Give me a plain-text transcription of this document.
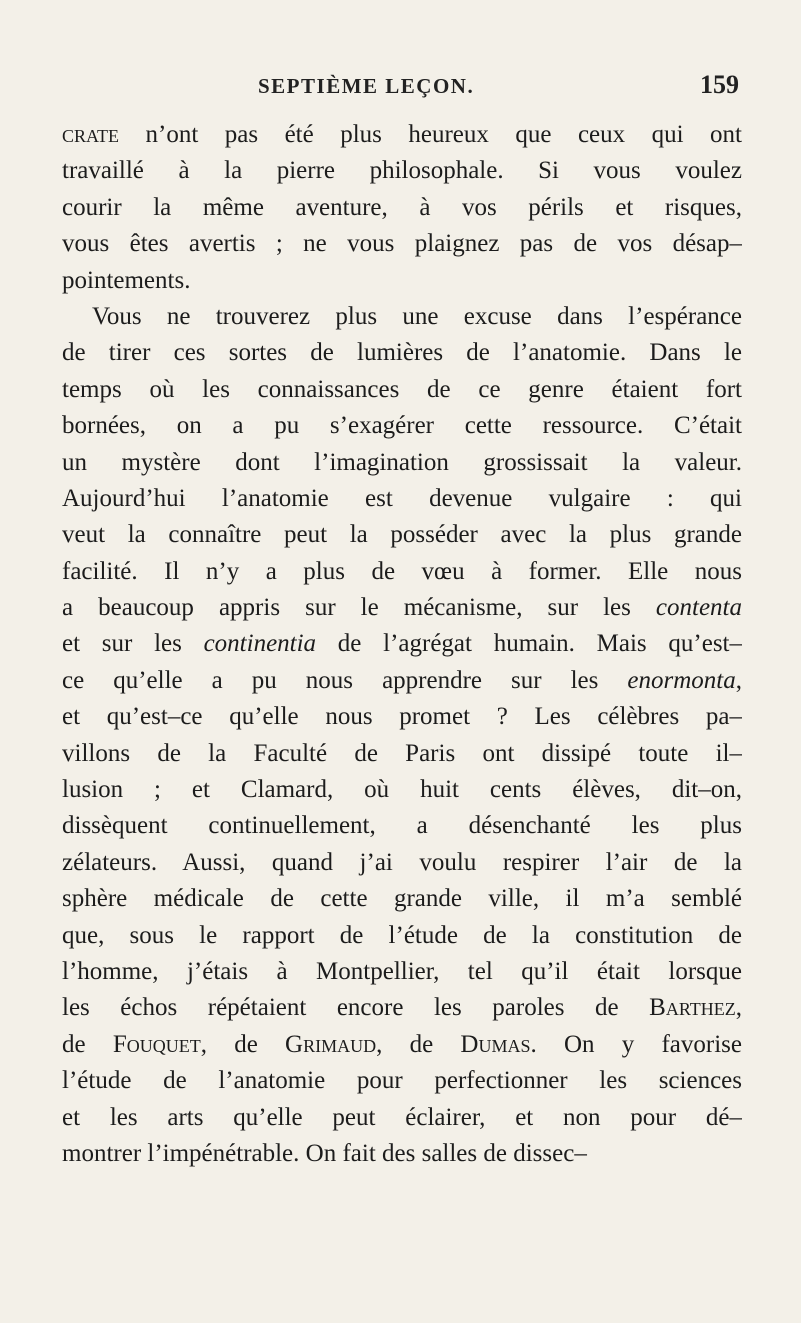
SEPTIÈME LEÇON.	159
crate n’ont pas été plus heureux que ceux qui ont
travaillé à la pierre philosophale. Si vous voulez
courir la même aventure, à vos périls et risques,
vous êtes avertis ; ne vous plaignez pas de vos désap–
pointements.
Vous ne trouverez plus une excuse dans l’espérance
de tirer ces sortes de lumières de l’anatomie. Dans le
temps où les connaissances de ce genre étaient fort
bornées, on a pu s’exagérer cette ressource. C’était
un mystère dont l’imagination grossissait la valeur.
Aujourd’hui l’anatomie est devenue vulgaire : qui
veut la connaître peut la posséder avec la plus grande
facilité. Il n’y a plus de vœu à former. Elle nous
a beaucoup appris sur le mécanisme, sur les contenta
et sur les continentia de l’agrégat humain. Mais qu’est–
ce qu’elle a pu nous apprendre sur les enormonta,
et qu’est–ce qu’elle nous promet ? Les célèbres pa–
villons de la Faculté de Paris ont dissipé toute il–
lusion ; et Clamard, où huit cents élèves, dit–on,
dissèquent continuellement, a désenchanté les plus
zélateurs. Aussi, quand j’ai voulu respirer l’air de la
sphère médicale de cette grande ville, il m’a semblé
que, sous le rapport de l’étude de la constitution de
l’homme, j’étais à Montpellier, tel qu’il était lorsque
les échos répétaient encore les paroles de Barthez,
de Fouquet, de Grimaud, de Dumas. On y favorise
l’étude de l’anatomie pour perfectionner les sciences
et les arts qu’elle peut éclairer, et non pour dé–
montrer l’impénétrable. On fait des salles de dissec–
